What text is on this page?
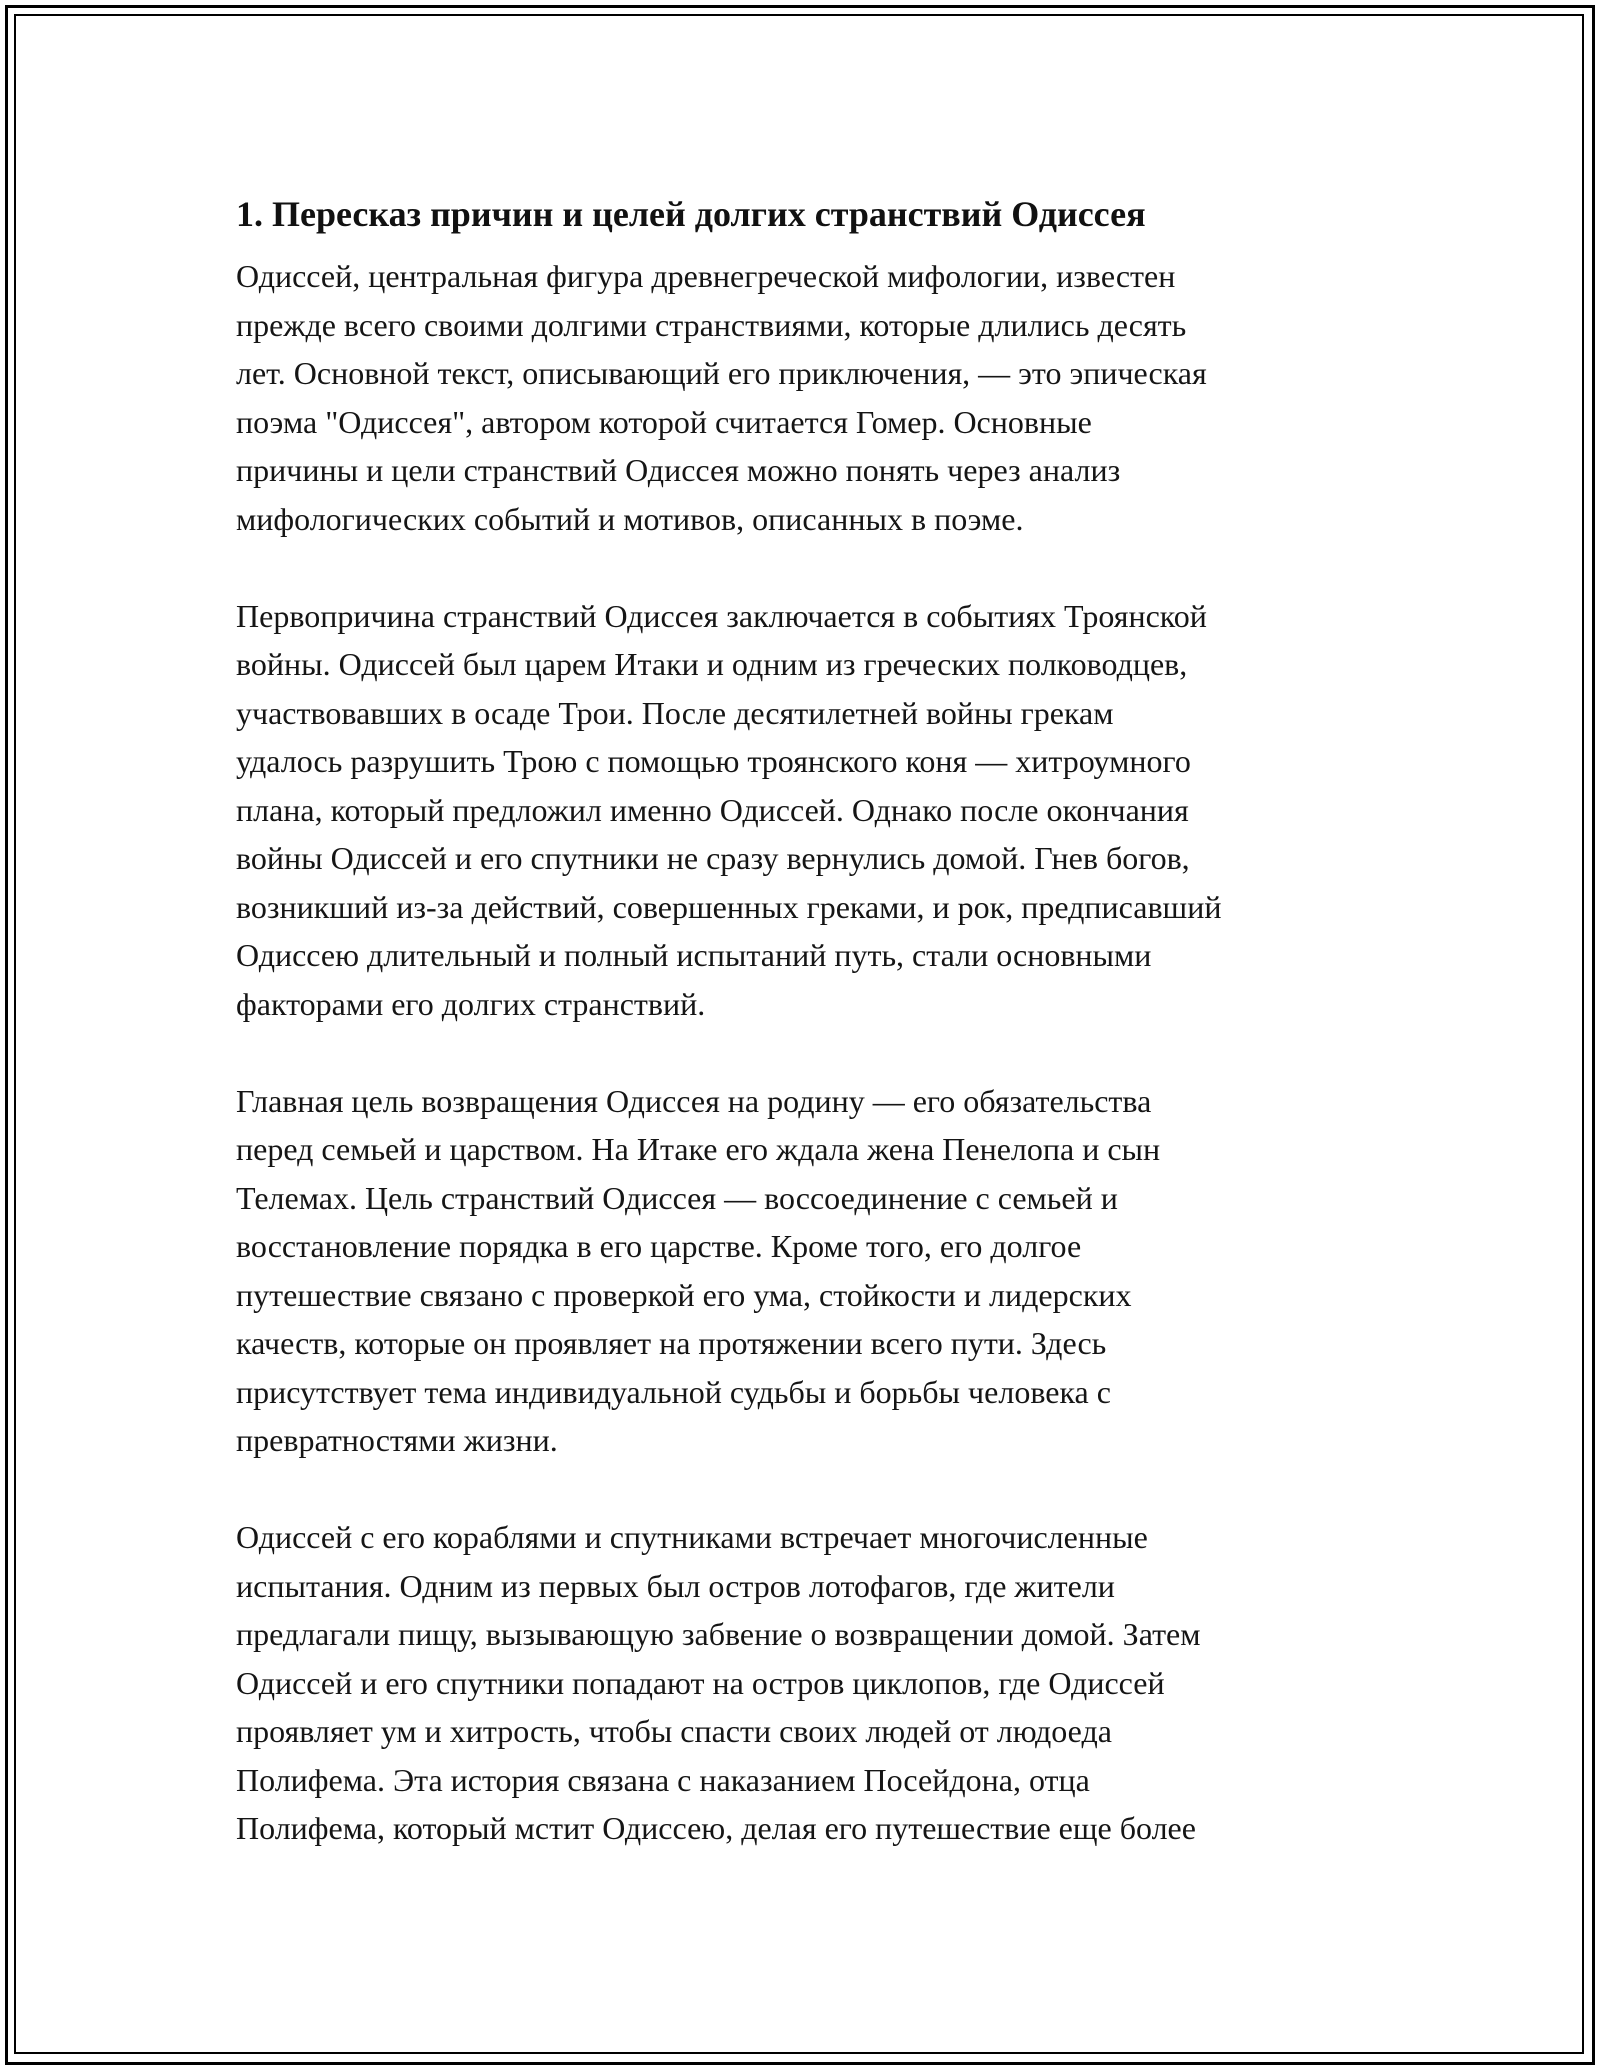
1. Пересказ причин и целей долгих странствий Одиссея

Одиссей, центральная фигура древнегреческой мифологии, известен
прежде всего своими долгими странствиями, которые длились десять
лет. Основной текст, описывающий его приключения, — это эпическая
поэма "Одиссея", автором которой считается Гомер. Основные
причины и цели странствий Одиссея можно понять через анализ
мифологических событий и мотивов, описанных в поэме.

Первопричина странствий Одиссея заключается в событиях Троянской
войны. Одиссей был царем Итаки и одним из греческих полководцев,
участвовавших в осаде Трои. После десятилетней войны грекам
удалось разрушить Трою с помощью троянского коня — хитроумного
плана, который предложил именно Одиссей. Однако после окончания
войны Одиссей и его спутники не сразу вернулись домой. Гнев богов,
возникший из-за действий, совершенных греками, и рок, предписавший
Одиссею длительный и полный испытаний путь, стали основными
факторами его долгих странствий.

Главная цель возвращения Одиссея на родину — его обязательства
перед семьей и царством. На Итаке его ждала жена Пенелопа и сын
Телемах. Цель странствий Одиссея — воссоединение с семьей и
восстановление порядка в его царстве. Кроме того, его долгое
путешествие связано с проверкой его ума, стойкости и лидерских
качеств, которые он проявляет на протяжении всего пути. Здесь
присутствует тема индивидуальной судьбы и борьбы человека с
превратностями жизни.

Одиссей с его кораблями и спутниками встречает многочисленные
испытания. Одним из первых был остров лотофагов, где жители
предлагали пищу, вызывающую забвение о возвращении домой. Затем
Одиссей и его спутники попадают на остров циклопов, где Одиссей
проявляет ум и хитрость, чтобы спасти своих людей от людоеда
Полифема. Эта история связана с наказанием Посейдона, отца
Полифема, который мстит Одиссею, делая его путешествие еще более
